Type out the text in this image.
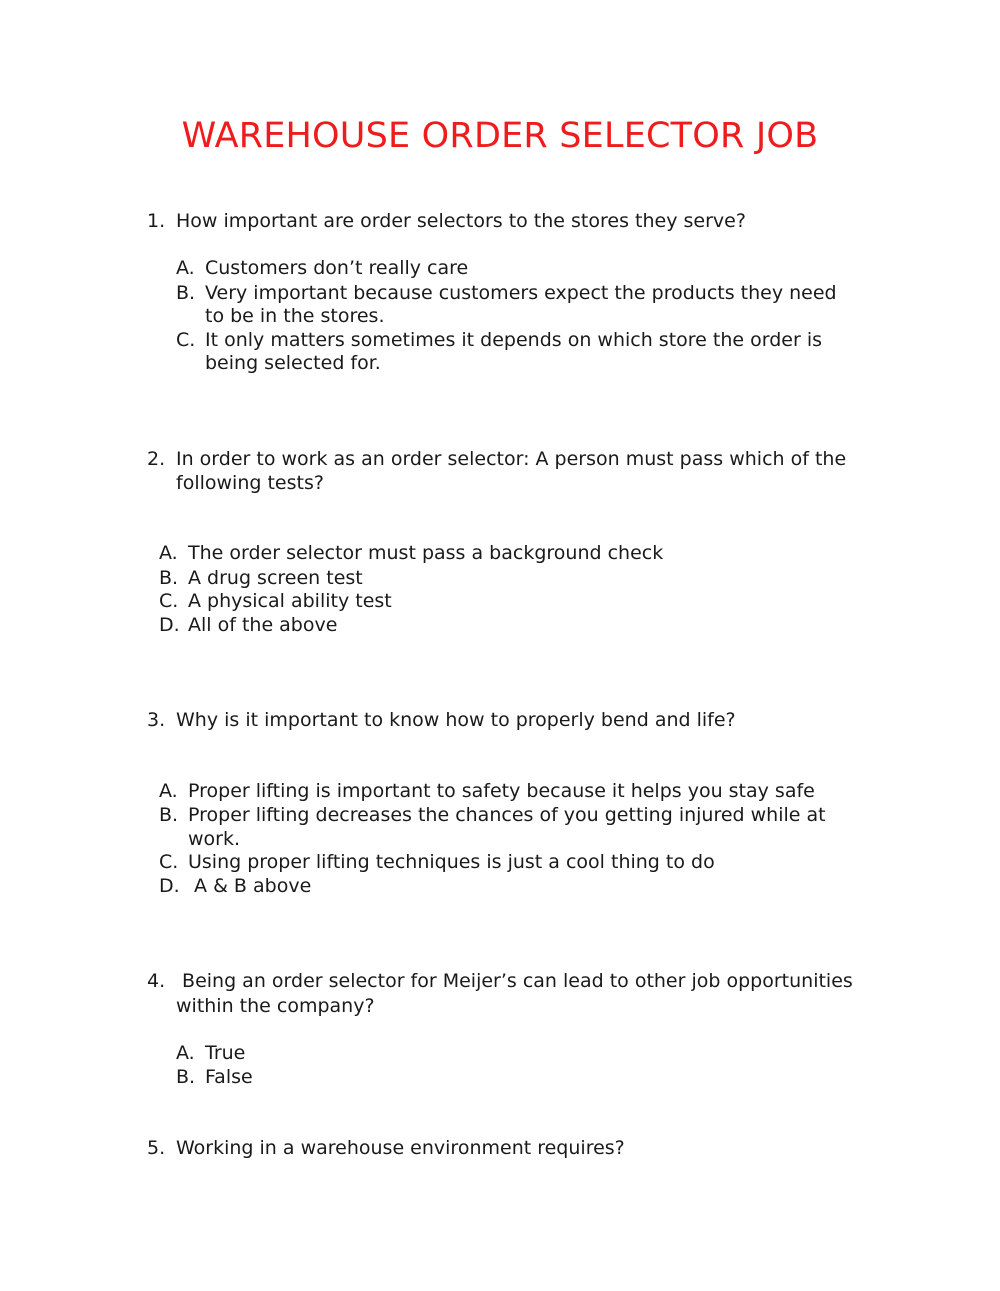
WAREHOUSE ORDER SELECTOR JOB
1. How important are order selectors to the stores they serve?
A. Customers don’t really care
B. Very important because customers expect the products they need
to be in the stores.
C. It only matters sometimes it depends on which store the order is
being selected for.
2. In order to work as an order selector: A person must pass which of the
following tests?
A. The order selector must pass a background check
B. A drug screen test
C. A physical ability test
D. All of the above
3. Why is it important to know how to properly bend and life?
A. Proper lifting is important to safety because it helps you stay safe
B. Proper lifting decreases the chances of you getting injured while at
work.
C. Using proper lifting techniques is just a cool thing to do
D. A & B above
4. Being an order selector for Meijer’s can lead to other job opportunities
within the company?
A. True
B. False
5. Working in a warehouse environment requires?
